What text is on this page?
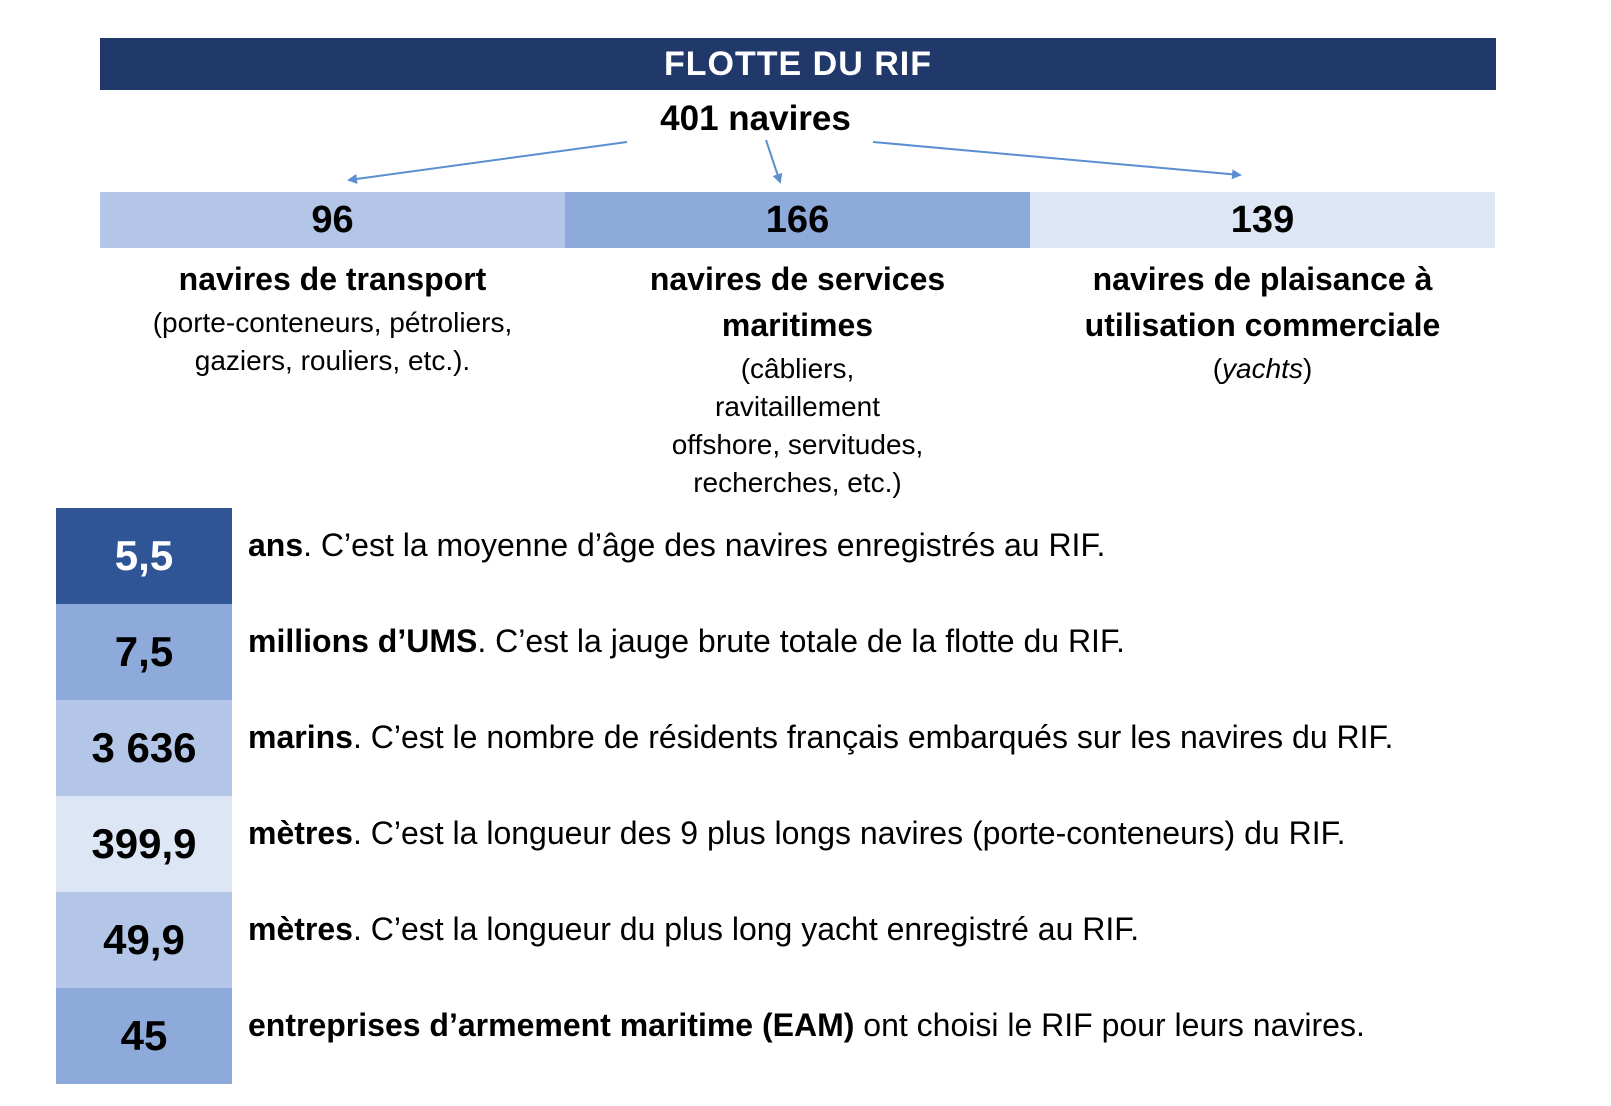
FLOTTE DU RIF
401 navires
96
navires de transport
(porte-conteneurs, pétroliers, gaziers, rouliers, etc.).
166
navires de services maritimes
(câbliers, ravitaillement offshore, servitudes, recherches, etc.)
139
navires de plaisance à utilisation commerciale
(yachts)
5,5	ans. C’est la moyenne d’âge des navires enregistrés au RIF.
7,5	millions d’UMS. C’est la jauge brute totale de la flotte du RIF.
3 636	marins. C’est le nombre de résidents français embarqués sur les navires du RIF.
399,9	mètres. C’est la longueur des 9 plus longs navires (porte-conteneurs) du RIF.
49,9	mètres. C’est la longueur du plus long yacht enregistré au RIF.
45	entreprises d’armement maritime (EAM) ont choisi le RIF pour leurs navires.
